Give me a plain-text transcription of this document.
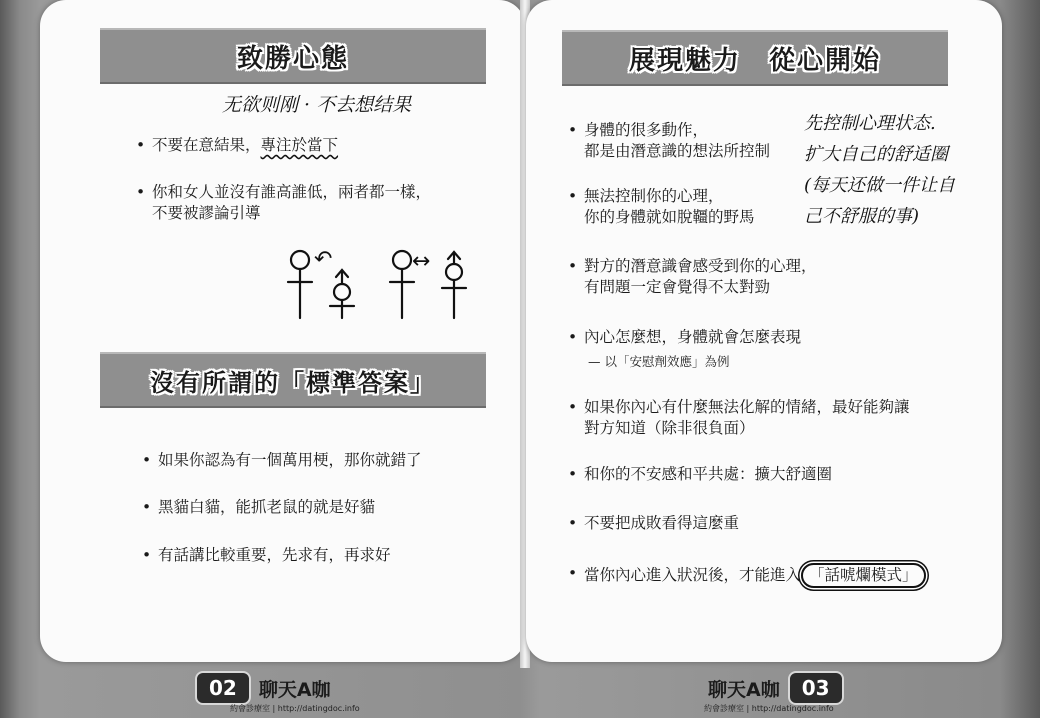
致勝心態
无欲则刚 · 不去想结果
• 不要在意結果，專注於當下
• 你和女人並沒有誰高誰低，兩者都一樣，
不要被謬論引導
↶	↔
沒有所謂的「標準答案」
• 如果你認為有一個萬用梗，那你就錯了
• 黑貓白貓，能抓老鼠的就是好貓
• 有話講比較重要，先求有，再求好
展現魅力　從心開始
先控制心理状态.
扩大自己的舒适圈
(每天还做一件让自
己不舒服的事)
• 身體的很多動作，
都是由潛意識的想法所控制
• 無法控制你的心理，
你的身體就如脫韁的野馬
• 對方的潛意識會感受到你的心理，
有問題一定會覺得不太對勁
• 內心怎麼想，身體就會怎麼表現
— 以「安慰劑效應」為例
• 如果你內心有什麼無法化解的情緒，最好能夠讓
對方知道（除非很負面）
• 和你的不安感和平共處：擴大舒適圈
• 不要把成敗看得這麼重
• 當你內心進入狀況後，才能進入 「話唬爛模式」
02	聊天A咖
約會診療室 | http://datingdoc.info
聊天A咖	03
約會診療室 | http://datingdoc.info
